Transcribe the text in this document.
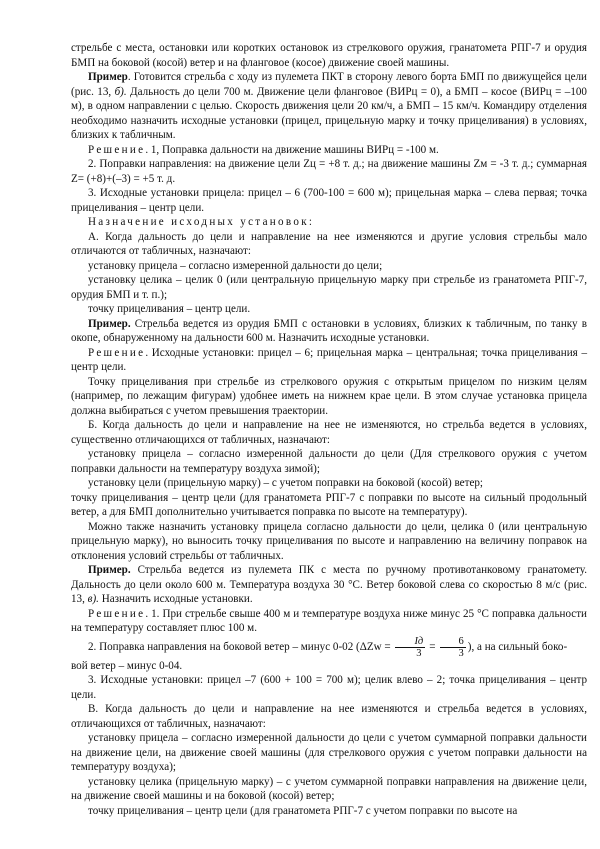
стрельбе с места, остановки или коротких остановок из стрелкового оружия, гранатомета РПГ-7 и орудия БМП на боковой (косой) ветер и на фланговое (косое) движение своей машины.

Пример. Готовится стрельба с ходу из пулемета ПКТ в сторону левого борта БМП по движущейся цели (рис. 13, б). Дальность до цели 700 м. Движение цели фланговое (ВИРц = 0), а БМП – косое (ВИРц = –100 м), в одном направлении с целью. Скорость движения цели 20 км/ч, а БМП – 15 км/ч. Командиру отделения необходимо назначить исходные установки (прицел, прицельную марку и точку прицеливания) в условиях, близких к табличным.

Решение. 1, Поправка дальности на движение машины ВИРц = -100 м.

2. Поправки направления: на движение цели Zц = +8 т. д.; на движение машины Zм = -3 т. д.; суммарная Z= (+8)+(–3) = +5 т. д.

3. Исходные установки прицела: прицел – 6 (700-100 = 600 м); прицельная марка – слева первая; точка прицеливания – центр цели.

Назначение исходных установок:

А. Когда дальность до цели и направление на нее изменяются и другие условия стрельбы мало отличаются от табличных, назначают:

установку прицела – согласно измеренной дальности до цели;

установку целика – целик 0 (или центральную прицельную марку при стрельбе из гранатомета РПГ-7, орудия БМП и т. п.);

точку прицеливания – центр цели.

Пример. Стрельба ведется из орудия БМП с остановки в условиях, близких к табличным, по танку в окопе, обнаруженному на дальности 600 м. Назначить исходные установки.

Решение. Исходные установки: прицел – 6; прицельная марка – центральная; точка прицеливания – центр цели.

Точку прицеливания при стрельбе из стрелкового оружия с открытым прицелом по низким целям (например, по лежащим фигурам) удобнее иметь на нижнем крае цели. В этом случае установка прицела должна выбираться с учетом превышения траектории.

Б. Когда дальность до цели и направление на нее не изменяются, но стрельба ведется в условиях, существенно отличающихся от табличных, назначают:

установку прицела – согласно измеренной дальности до цели (Для стрелкового оружия с учетом поправки дальности на температуру воздуха зимой);

установку цели (прицельную марку) – с учетом поправки на боковой (косой) ветер;

точку прицеливания – центр цели (для гранатомета РПГ-7 с поправки по высоте на сильный продольный ветер, а для БМП дополнительно учитывается поправка по высоте на температуру).

Можно также назначить установку прицела согласно дальности до цели, целика 0 (или центральную прицельную марку), но выносить точку прицеливания по высоте и направлению на величину поправок на отклонения условий стрельбы от табличных.

Пример. Стрельба ведется из пулемета ПК с места по ручному противотанковому гранатомету. Дальность до цели около 600 м. Температура воздуха 30 °С. Ветер боковой слева со скоростью 8 м/с (рис. 13, в). Назначить исходные установки.

Решение. 1. При стрельбе свыше 400 м и температуре воздуха ниже минус 25 °С поправка дальности на температуру составляет плюс 100 м.

2. Поправка направления на боковой ветер – минус 0-02 ($\Delta Zw = \frac{Iд}{3} = \frac{6}{3}$ ), а на сильный боко-

вой ветер – минус 0-04.

3. Исходные установки: прицел –7 (600 + 100 = 700 м); целик влево – 2; точка прицеливания – центр цели.

В. Когда дальность до цели и направление на нее изменяются и стрельба ведется в условиях, отличающихся от табличных, назначают:

установку прицела – согласно измеренной дальности до цели с учетом суммарной поправки дальности на движение цели, на движение своей машины (для стрелкового оружия с учетом поправки дальности на температуру воздуха);

установку целика (прицельную марку) – с учетом суммарной поправки направления на движение цели, на движение своей машины и на боковой (косой) ветер;

точку прицеливания – центр цели (для гранатомета РПГ-7 с учетом поправки по высоте на
